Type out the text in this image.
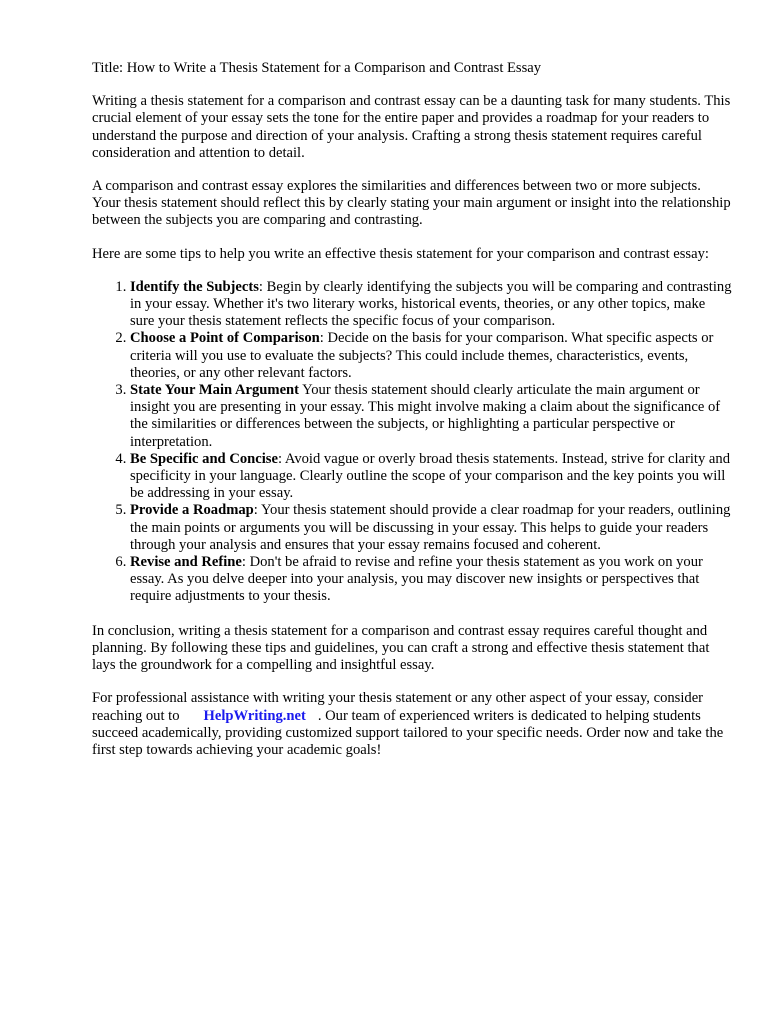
Title: How to Write a Thesis Statement for a Comparison and Contrast Essay

Writing a thesis statement for a comparison and contrast essay can be a daunting task for many students. This crucial element of your essay sets the tone for the entire paper and provides a roadmap for your readers to understand the purpose and direction of your analysis. Crafting a strong thesis statement requires careful consideration and attention to detail.

A comparison and contrast essay explores the similarities and differences between two or more subjects. Your thesis statement should reflect this by clearly stating your main argument or insight into the relationship between the subjects you are comparing and contrasting.

Here are some tips to help you write an effective thesis statement for your comparison and contrast essay:

1. Identify the Subjects: Begin by clearly identifying the subjects you will be comparing and contrasting in your essay. Whether it's two literary works, historical events, theories, or any other topics, make sure your thesis statement reflects the specific focus of your comparison.
2. Choose a Point of Comparison: Decide on the basis for your comparison. What specific aspects or criteria will you use to evaluate the subjects? This could include themes, characteristics, events, theories, or any other relevant factors.
3. State Your Main Argument Your thesis statement should clearly articulate the main argument or insight you are presenting in your essay. This might involve making a claim about the significance of the similarities or differences between the subjects, or highlighting a particular perspective or interpretation.
4. Be Specific and Concise: Avoid vague or overly broad thesis statements. Instead, strive for clarity and specificity in your language. Clearly outline the scope of your comparison and the key points you will be addressing in your essay.
5. Provide a Roadmap: Your thesis statement should provide a clear roadmap for your readers, outlining the main points or arguments you will be discussing in your essay. This helps to guide your readers through your analysis and ensures that your essay remains focused and coherent.
6. Revise and Refine: Don't be afraid to revise and refine your thesis statement as you work on your essay. As you delve deeper into your analysis, you may discover new insights or perspectives that require adjustments to your thesis.

In conclusion, writing a thesis statement for a comparison and contrast essay requires careful thought and planning. By following these tips and guidelines, you can craft a strong and effective thesis statement that lays the groundwork for a compelling and insightful essay.

For professional assistance with writing your thesis statement or any other aspect of your essay, consider reaching out to HelpWriting.net . Our team of experienced writers is dedicated to helping students succeed academically, providing customized support tailored to your specific needs. Order now and take the first step towards achieving your academic goals!
